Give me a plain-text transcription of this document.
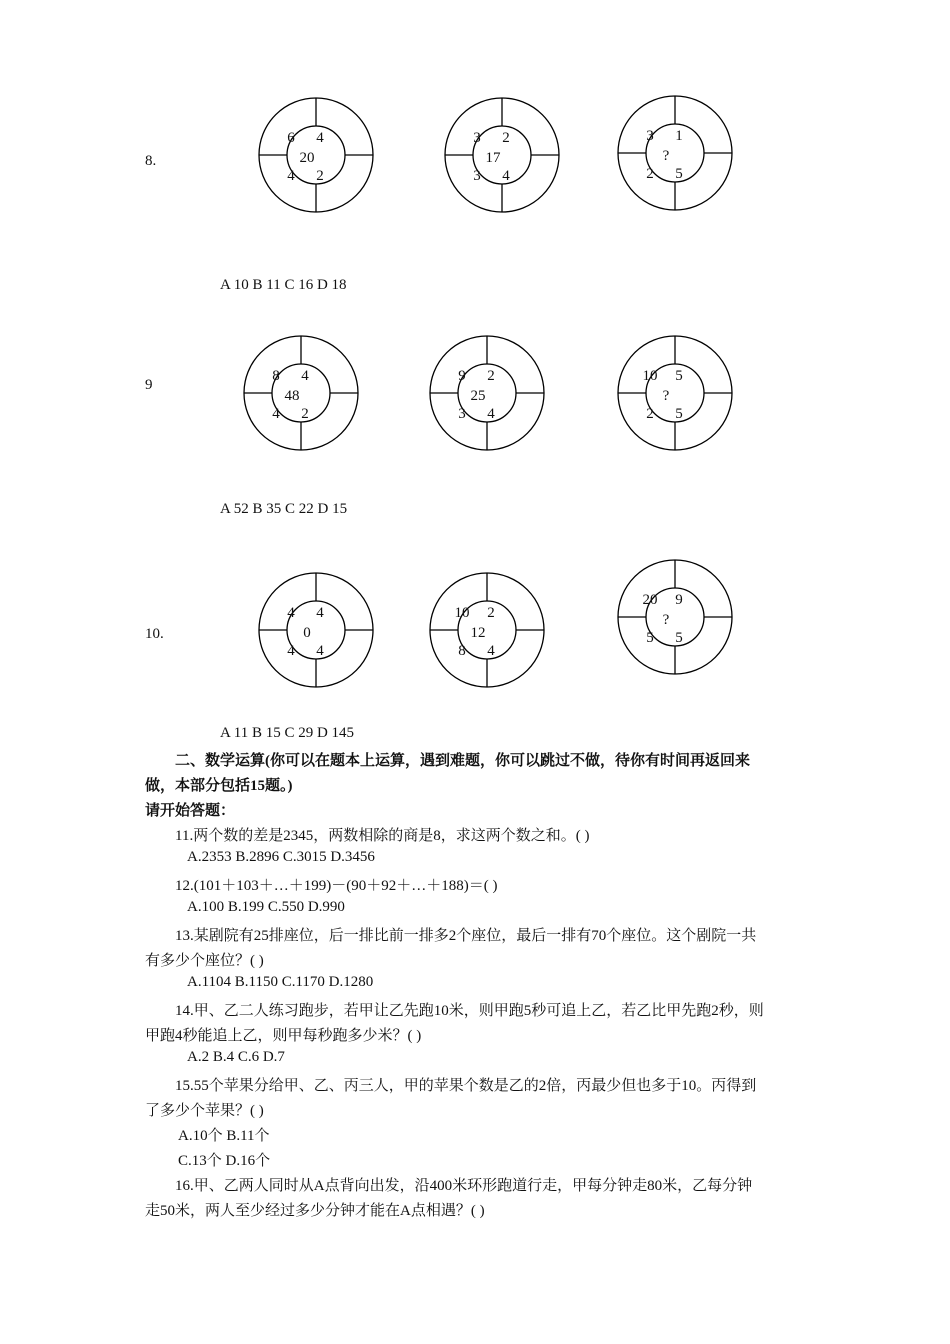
8.
6 4
20
4 2
3 2
17
3 4
3 1
?
2 5
A 10 B 11 C 16 D 18
9
8 4
48
4 2
9 2
25
3 4
10 5
?
2 5
A 52 B 35 C 22 D 15
10.
4 4
0
4 4
10 2
12
8 4
20 9
?
5 5
A 11 B 15 C 29 D 145
二、数学运算(你可以在题本上运算，遇到难题，你可以跳过不做，待你有时间再返回来
做，本部分包括15题。)
请开始答题：
11.两个数的差是2345，两数相除的商是8，求这两个数之和。( )
A.2353 B.2896 C.3015 D.3456
12.(101＋103＋…＋199)－(90＋92＋…＋188)＝( )
A.100 B.199 C.550 D.990
13.某剧院有25排座位，后一排比前一排多2个座位，最后一排有70个座位。这个剧院一共
有多少个座位？( )
A.1104 B.1150 C.1170 D.1280
14.甲、乙二人练习跑步，若甲让乙先跑10米，则甲跑5秒可追上乙，若乙比甲先跑2秒，则
甲跑4秒能追上乙，则甲每秒跑多少米？( )
A.2 B.4 C.6 D.7
15.55个苹果分给甲、乙、丙三人，甲的苹果个数是乙的2倍，丙最少但也多于10。丙得到
了多少个苹果？( )
A.10个 B.11个
C.13个 D.16个
16.甲、乙两人同时从A点背向出发，沿400米环形跑道行走，甲每分钟走80米，乙每分钟
走50米，两人至少经过多少分钟才能在A点相遇？( )
